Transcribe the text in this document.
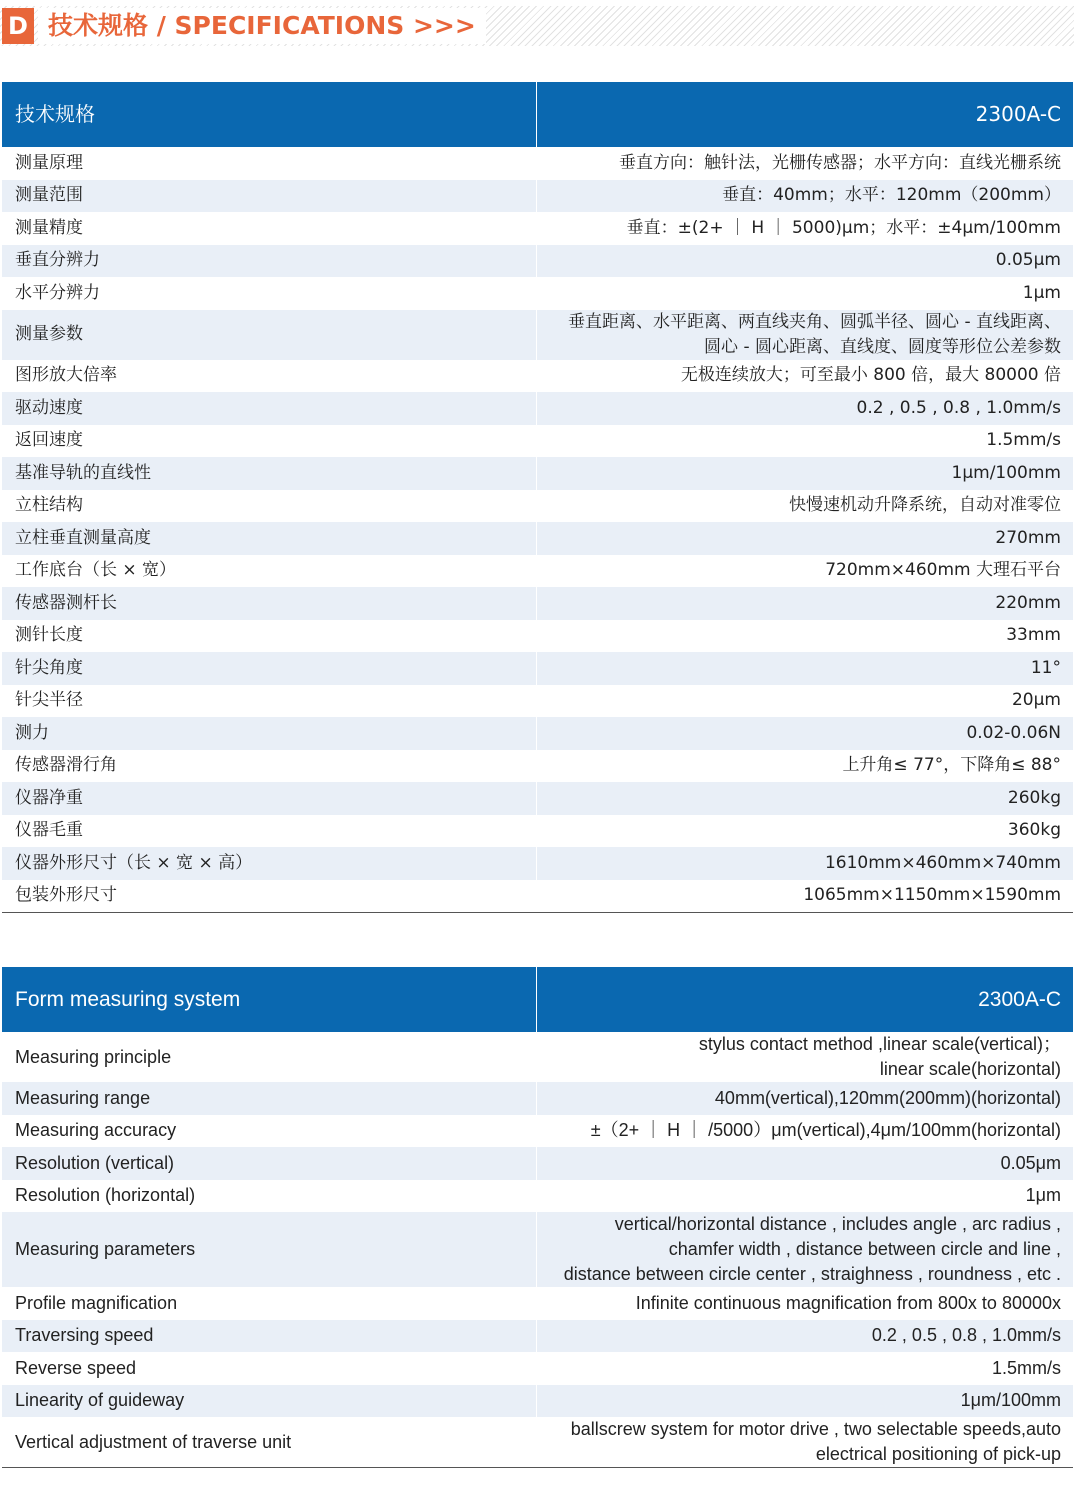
D 技术规格 / SPECIFICATIONS >>>
技术规格	2300A-C
测量原理	垂直方向：触针法，光栅传感器；水平方向：直线光栅系统

测量范围	垂直：40mm；水平：120mm（200mm）

测量精度	垂直：±(2+ ｜ H ｜ 5000)μm；水平：±4μm/100mm

垂直分辨力	0.05μm

水平分辨力	1μm

测量参数	垂直距离、水平距离、两直线夹角、圆弧半径、圆心 - 直线距离、
圆心 - 圆心距离、直线度、圆度等形位公差参数

图形放大倍率	无极连续放大；可至最小 800 倍，最大 80000 倍

驱动速度	0.2 , 0.5 , 0.8 , 1.0mm/s

返回速度	1.5mm/s

基准导轨的直线性	1μm/100mm

立柱结构	快慢速机动升降系统，自动对准零位

立柱垂直测量高度	270mm

工作底台（长 × 宽）	720mm×460mm 大理石平台

传感器测杆长	220mm

测针长度	33mm

针尖角度	11°

针尖半径	20μm

测力	0.02-0.06N

传感器滑行角	上升角≤ 77°，下降角≤ 88°

仪器净重	260kg

仪器毛重	360kg

仪器外形尺寸（长 × 宽 × 高）	1610mm×460mm×740mm

包装外形尺寸	1065mm×1150mm×1590mm
Form measuring system	2300A-C
Measuring principle	stylus contact method ,linear scale(vertical)；
linear scale(horizontal)

Measuring range	40mm(vertical),120mm(200mm)(horizontal)

Measuring accuracy	±（2+ ｜ H ｜ /5000）μm(vertical),4μm/100mm(horizontal)

Resolution (vertical)	0.05μm

Resolution (horizontal)	1μm

Measuring parameters	vertical/horizontal distance , includes angle , arc radius ,
chamfer width , distance between circle and line ,
distance between circle center , straighness , roundness , etc .

Profile magnification	Infinite continuous magnification from 800x to 80000x

Traversing speed	0.2 , 0.5 , 0.8 , 1.0mm/s

Reverse speed	1.5mm/s

Linearity of guideway	1μm/100mm

Vertical adjustment of traverse unit	ballscrew system for motor drive , two selectable speeds,auto
electrical positioning of pick-up
